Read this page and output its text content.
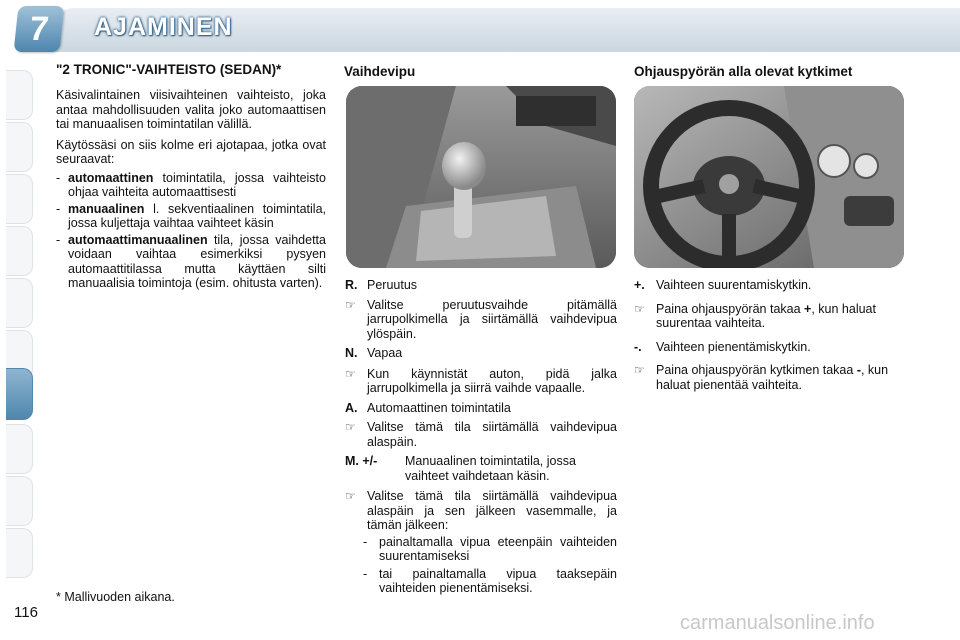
7 AJAMINEN
"2 TRONIC"-VAIHTEISTO (SEDAN)*

Käsivalintainen viisivaihteinen vaihteisto, joka antaa mahdollisuuden valita joko automaattisen tai manuaalisen toimintatilan välillä.

Käytössäsi on siis kolme eri ajotapaa, jotka ovat seuraavat:

- automaattinen toimintatila, jossa vaihteisto ohjaa vaihteita automaattisesti
- manuaalinen l. sekventiaalinen toimintatila, jossa kuljettaja vaihtaa vaihteet käsin
- automaattimanuaalinen tila, jossa vaihdetta voidaan vaihtaa esimerkiksi pysyen automaattitilassa mutta käyttäen silti manuaalisia toimintoja (esim. ohitusta varten).
* Mallivuoden aikana.
Vaihdevipu
R. Peruutus
☞ Valitse peruutusvaihde pitämällä jarrupolkimella ja siirtämällä vaihdevipua ylöspäin.
N. Vapaa
☞ Kun käynnistät auton, pidä jalka jarrupolkimella ja siirrä vaihde vapaalle.
A. Automaattinen toimintatila
☞ Valitse tämä tila siirtämällä vaihdevipua alaspäin.
M. +/-	Manuaalinen toimintatila, jossa vaihteet vaihdetaan käsin.
☞ Valitse tämä tila siirtämällä vaihdevipua alaspäin ja sen jälkeen vasemmalle, ja tämän jälkeen:
- painaltamalla vipua eteenpäin vaihteiden suurentamiseksi
- tai painaltamalla vipua taaksepäin vaihteiden pienentämiseksi.
Ohjauspyörän alla olevat kytkimet
+. Vaihteen suurentamiskytkin.
☞ Paina ohjauspyörän takaa +, kun haluat suurentaa vaihteita.
-.	Vaihteen pienentämiskytkin.
☞ Paina ohjauspyörän kytkimen takaa -, kun haluat pienentää vaihteita.
116	carmanualsonline.info
